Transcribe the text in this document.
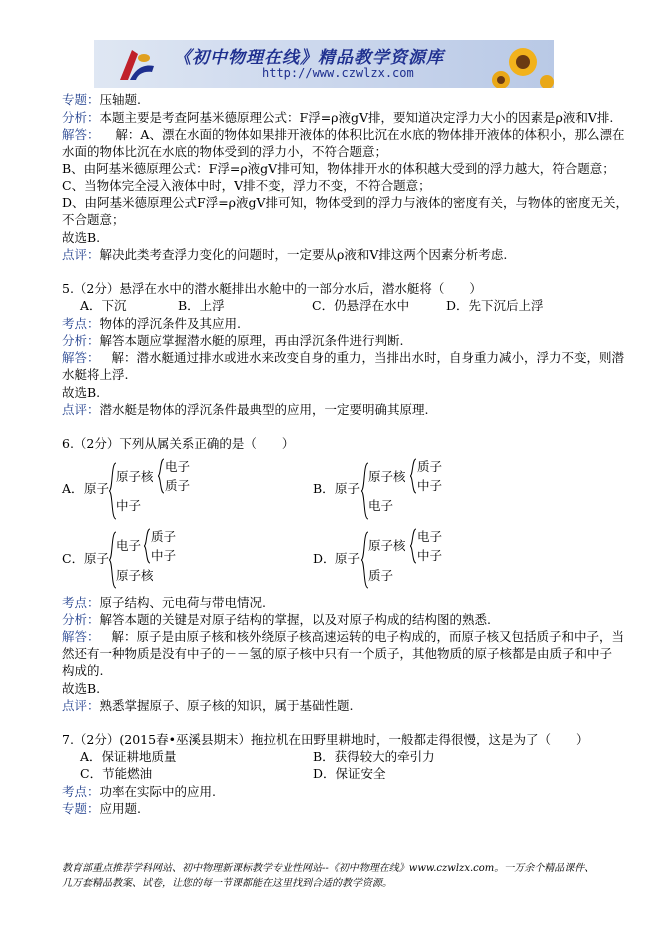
《初中物理在线》精品教学资源库
http://www.czwlzx.com
专题：压轴题.
分析：本题主要是考查阿基米德原理公式：F浮=ρ液gV排，要知道决定浮力大小的因素是ρ液和V排.
解答： 解：A、漂在水面的物体如果排开液体的体积比沉在水底的物体排开液体的体积小，那么漂在
水面的物体比沉在水底的物体受到的浮力小，不符合题意；
B、由阿基米德原理公式：F浮=ρ液gV排可知，物体排开水的体积越大受到的浮力越大，符合题意；
C、当物体完全浸入液体中时，V排不变，浮力不变，不符合题意；
D、由阿基米德原理公式F浮=ρ液gV排可知，物体受到的浮力与液体的密度有关，与物体的密度无关，
不合题意；
故选B.
点评：解决此类考查浮力变化的问题时，一定要从ρ液和V排这两个因素分析考虑.
5.（2分）悬浮在水中的潜水艇排出水舱中的一部分水后，潜水艇将（　　）
A．下沉	B．上浮	C．仍悬浮在水中	D．先下沉后上浮
考点：物体的浮沉条件及其应用.
分析：解答本题应掌握潜水艇的原理，再由浮沉条件进行判断.
解答： 解：潜水艇通过排水或进水来改变自身的重力，当排出水时，自身重力减小，浮力不变，则潜
水艇将上浮.
故选B.
点评：潜水艇是物体的浮沉条件最典型的应用，一定要明确其原理.
6.（2分）下列从属关系正确的是（　　）
A． 原子
原子核
电子
质子
中子
B． 原子
原子核
质子
中子
电子
C． 原子
电子
质子
中子
原子核
D． 原子
原子核
电子
中子
质子
考点：原子结构、元电荷与带电情况.
分析：解答本题的关键是对原子结构的掌握，以及对原子构成的结构图的熟悉.
解答： 解：原子是由原子核和核外绕原子核高速运转的电子构成的，而原子核又包括质子和中子，当
然还有一种物质是没有中子的－－氢的原子核中只有一个质子，其他物质的原子核都是由质子和中子
构成的.
故选B.
点评：熟悉掌握原子、原子核的知识，属于基础性题.
7.（2分）(2015春•巫溪县期末）拖拉机在田野里耕地时，一般都走得很慢，这是为了（　　）
A．保证耕地质量	B．获得较大的牵引力
C．节能燃油	D．保证安全
考点：功率在实际中的应用.
专题：应用题.
教育部重点推荐学科网站、初中物理新课标教学专业性网站--《初中物理在线》www.czwlzx.com。一万余个精品课件、
几万套精品教案、试卷，让您的每一节课都能在这里找到合适的教学资源。
